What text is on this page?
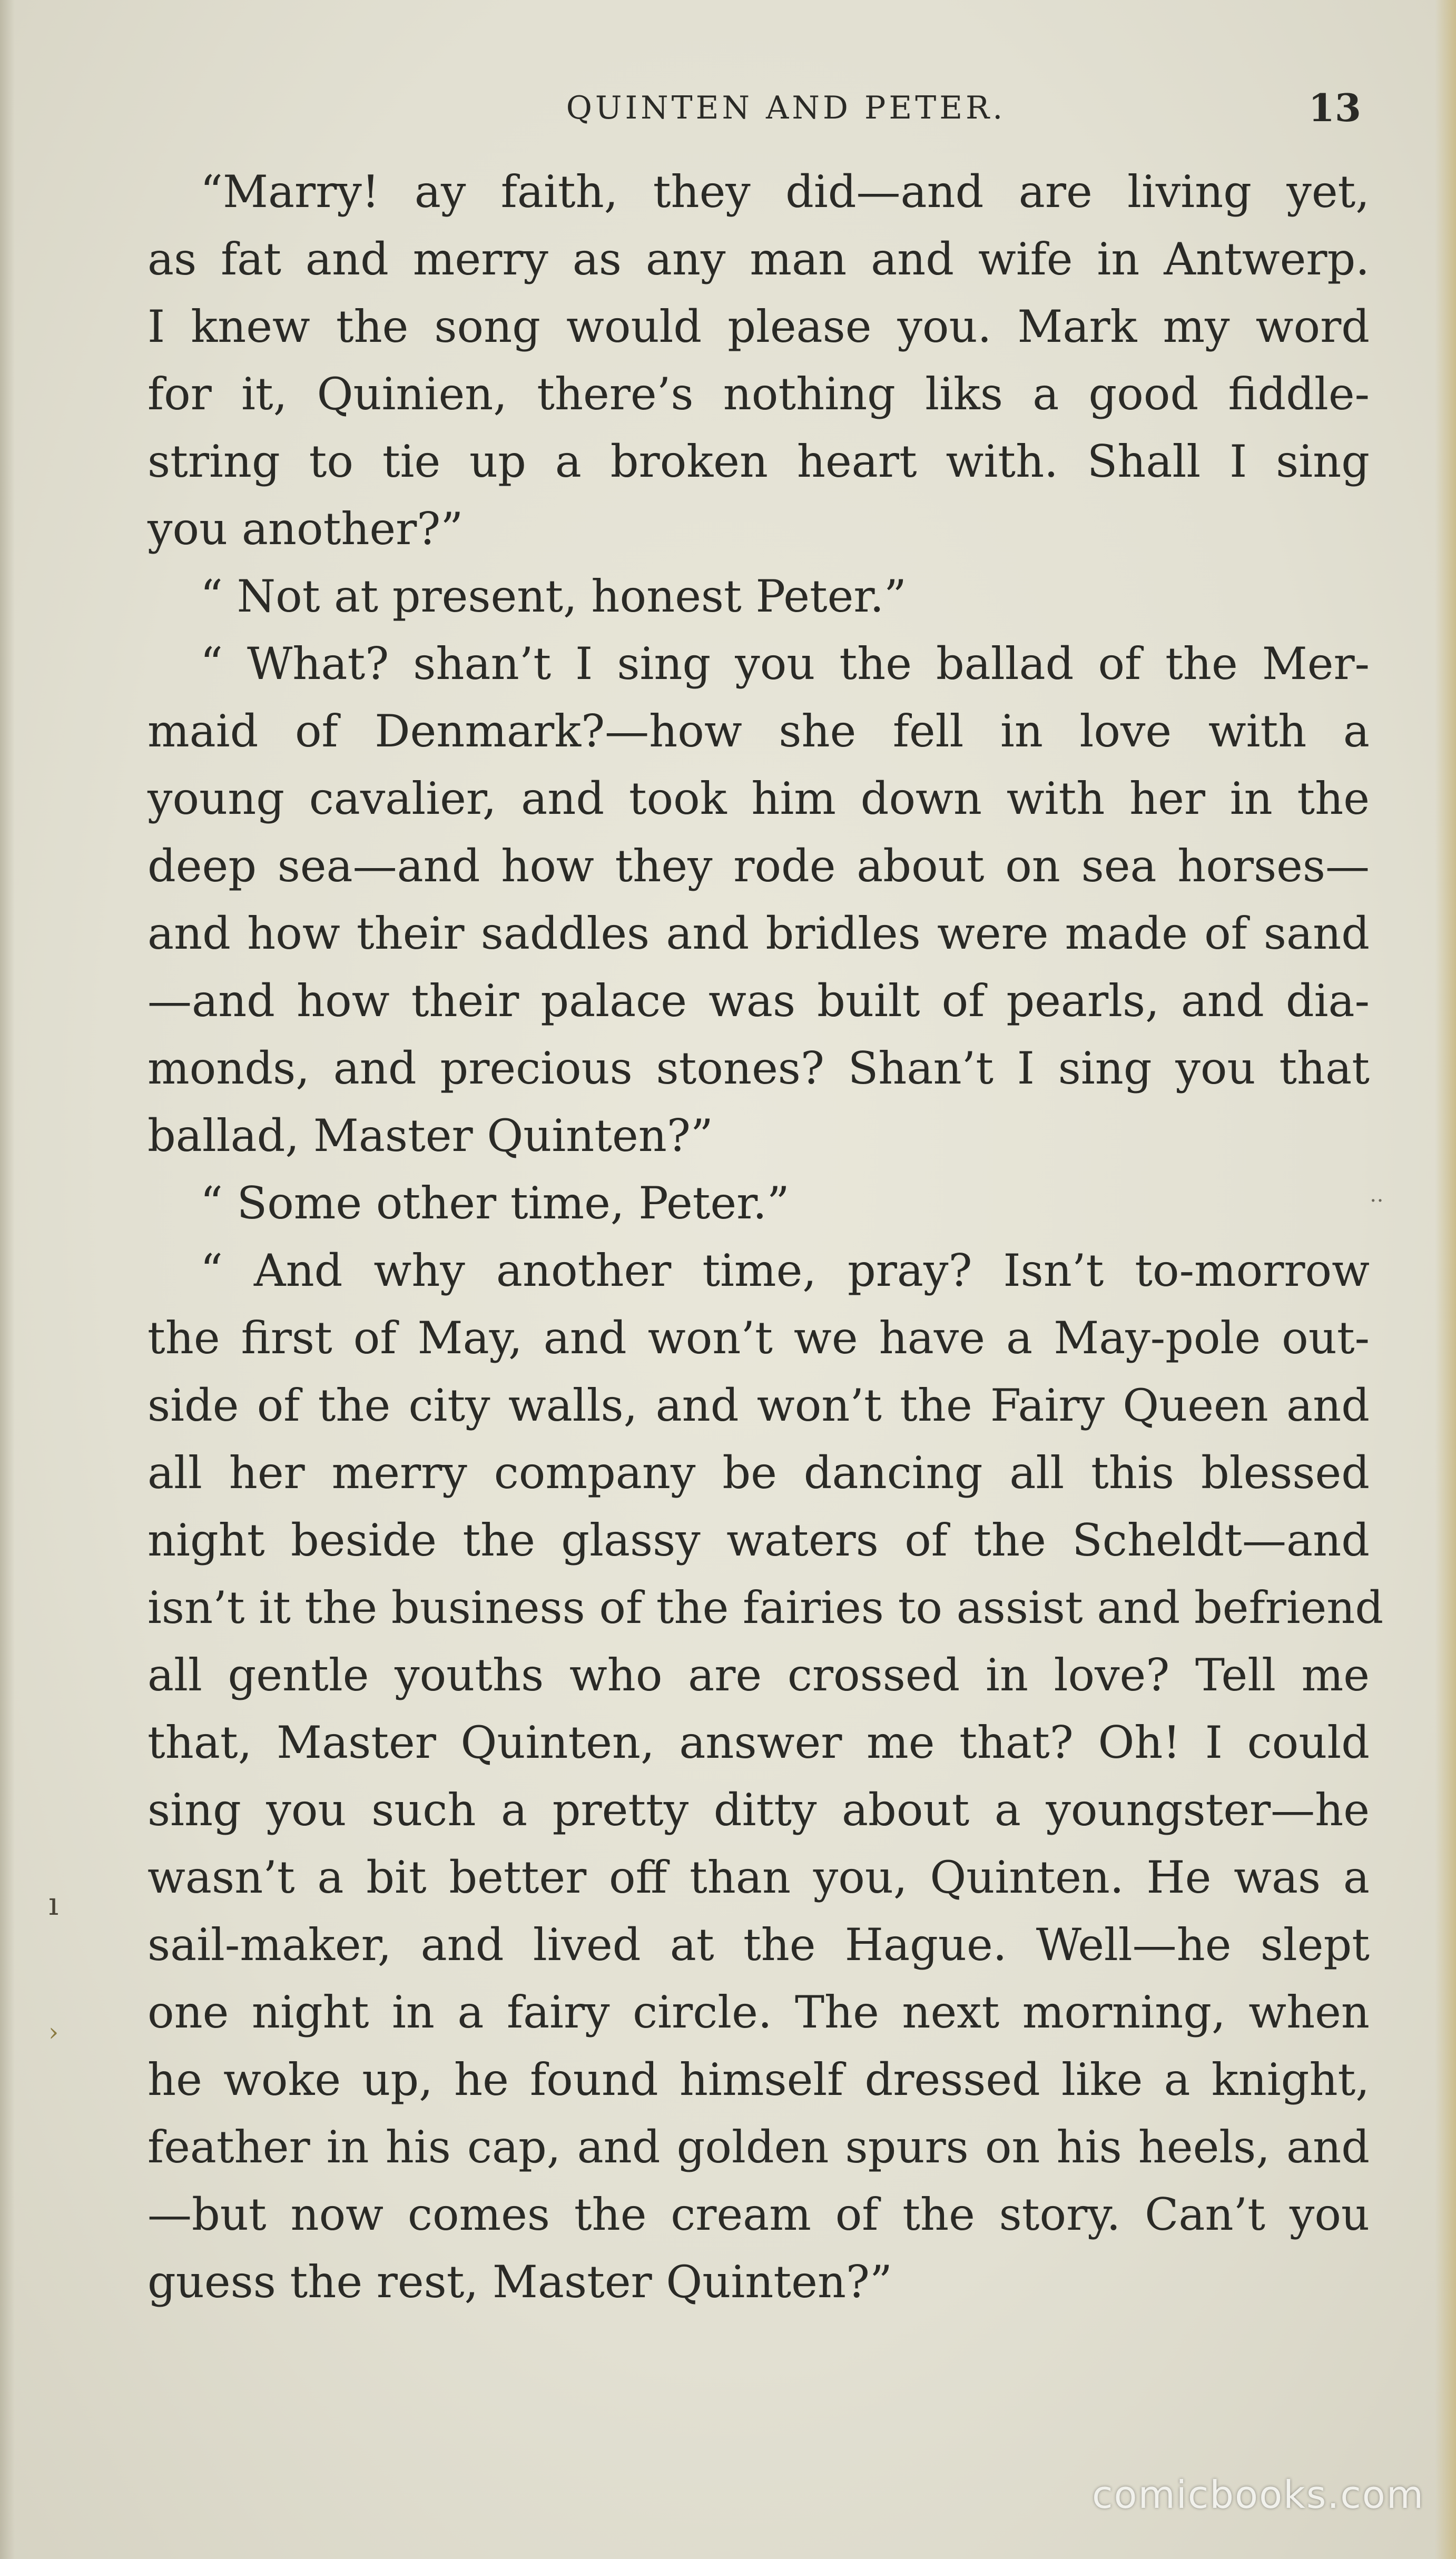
QUINTEN AND PETER.	13

“Marry! ay faith, they did—and are living yet,
as fat and merry as any man and wife in Antwerp.
I knew the song would please you. Mark my word
for it, Quinien, there’s nothing liks a good fiddle-
string to tie up a broken heart with. Shall I sing
you another?”

“ Not at present, honest Peter.”

“ What? shan’t I sing you the ballad of the Mer-
maid of Denmark?—how she fell in love with a
young cavalier, and took him down with her in the
deep sea—and how they rode about on sea horses—
and how their saddles and bridles were made of sand
—and how their palace was built of pearls, and dia-
monds, and precious stones? Shan’t I sing you that
ballad, Master Quinten?”

“ Some other time, Peter.”

“ And why another time, pray? Isn’t to-morrow
the first of May, and won’t we have a May-pole out-
side of the city walls, and won’t the Fairy Queen and
all her merry company be dancing all this blessed
night beside the glassy waters of the Scheldt—and
isn’t it the business of the fairies to assist and befriend
all gentle youths who are crossed in love? Tell me
that, Master Quinten, answer me that? Oh! I could
sing you such a pretty ditty about a youngster—he
wasn’t a bit better off than you, Quinten. He was a
sail-maker, and lived at the Hague. Well—he slept
one night in a fairy circle. The next morning, when
he woke up, he found himself dressed like a knight,
feather in his cap, and golden spurs on his heels, and
—but now comes the cream of the story. Can’t you
guess the rest, Master Quinten?”

ı
›
‥
comicbooks.com
